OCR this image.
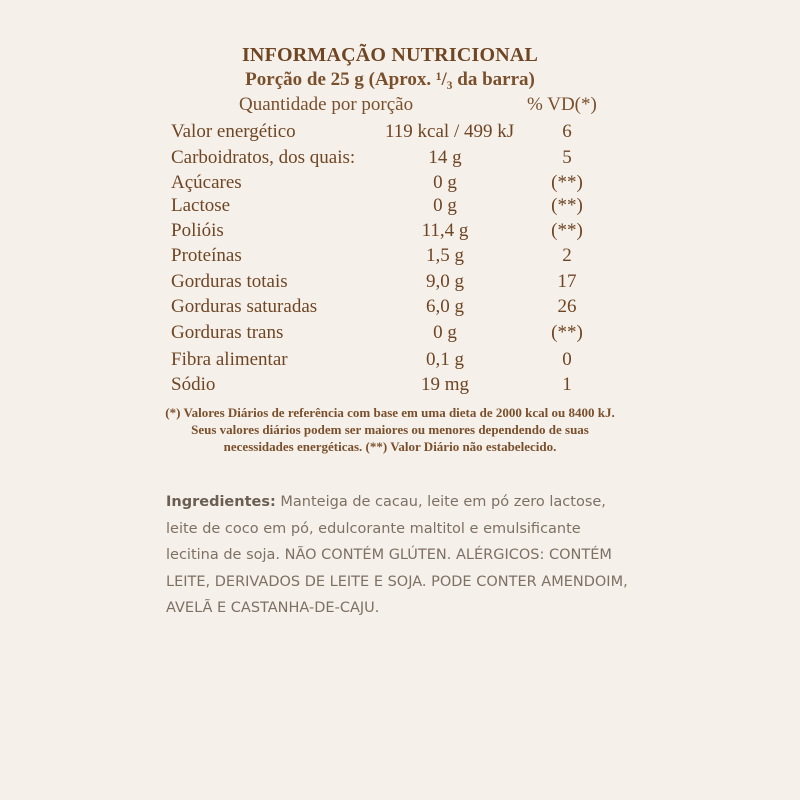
INFORMAÇÃO NUTRICIONAL
Porção de 25 g (Aprox. ¹/₃ da barra)
Quantidade por porção	% VD(*)
Valor energético	119 kcal / 499 kJ	6
Carboidratos, dos quais:	14 g	5
Açúcares	0 g	(**)
Lactose	0 g	(**)
Polióis	11,4 g	(**)
Proteínas	1,5 g	2
Gorduras totais	9,0 g	17
Gorduras saturadas	6,0 g	26
Gorduras trans	0 g	(**)
Fibra alimentar	0,1 g	0
Sódio	19 mg	1
(*) Valores Diários de referência com base em uma dieta de 2000 kcal ou 8400 kJ. Seus valores diários podem ser maiores ou menores dependendo de suas necessidades energéticas. (**) Valor Diário não estabelecido.
Ingredientes: Manteiga de cacau, leite em pó zero lactose, leite de coco em pó, edulcorante maltitol e emulsificante lecitina de soja. NÃO CONTÉM GLÚTEN. ALÉRGICOS: CONTÉM LEITE, DERIVADOS DE LEITE E SOJA. PODE CONTER AMENDOIM, AVELÃ E CASTANHA-DE-CAJU.
